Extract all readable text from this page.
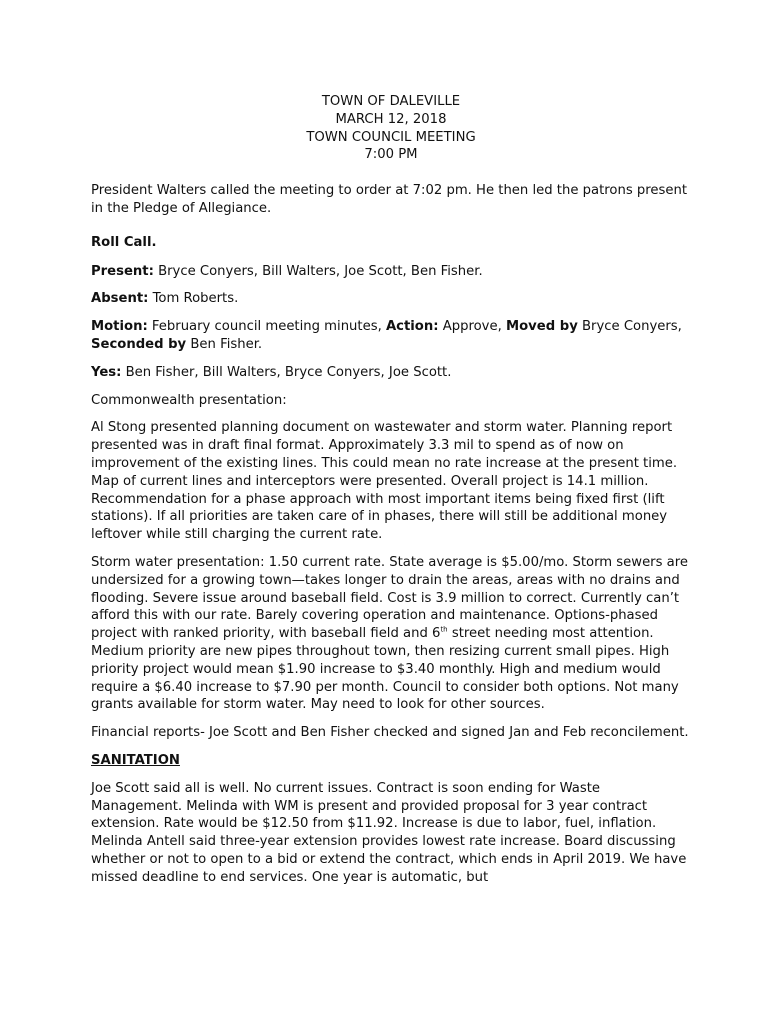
TOWN OF DALEVILLE
MARCH 12, 2018
TOWN COUNCIL MEETING
7:00 PM

President Walters called the meeting to order at 7:02 pm. He then led the patrons present in the Pledge of Allegiance.

Roll Call.

Present: Bryce Conyers, Bill Walters, Joe Scott, Ben Fisher.

Absent: Tom Roberts.

Motion: February council meeting minutes, Action: Approve, Moved by Bryce Conyers, Seconded by Ben Fisher.

Yes: Ben Fisher, Bill Walters, Bryce Conyers, Joe Scott.

Commonwealth presentation:

Al Stong presented planning document on wastewater and storm water. Planning report presented was in draft final format. Approximately 3.3 mil to spend as of now on improvement of the existing lines. This could mean no rate increase at the present time. Map of current lines and interceptors were presented. Overall project is 14.1 million. Recommendation for a phase approach with most important items being fixed first (lift stations). If all priorities are taken care of in phases, there will still be additional money leftover while still charging the current rate.

Storm water presentation: 1.50 current rate. State average is $5.00/mo. Storm sewers are undersized for a growing town—takes longer to drain the areas, areas with no drains and flooding. Severe issue around baseball field. Cost is 3.9 million to correct. Currently can’t afford this with our rate. Barely covering operation and maintenance. Options-phased project with ranked priority, with baseball field and 6th street needing most attention. Medium priority are new pipes throughout town, then resizing current small pipes. High priority project would mean $1.90 increase to $3.40 monthly. High and medium would require a $6.40 increase to $7.90 per month. Council to consider both options. Not many grants available for storm water. May need to look for other sources.

Financial reports- Joe Scott and Ben Fisher checked and signed Jan and Feb reconcilement.

SANITATION

Joe Scott said all is well. No current issues. Contract is soon ending for Waste Management. Melinda with WM is present and provided proposal for 3 year contract extension. Rate would be $12.50 from $11.92. Increase is due to labor, fuel, inflation. Melinda Antell said three-year extension provides lowest rate increase. Board discussing whether or not to open to a bid or extend the contract, which ends in April 2019. We have missed deadline to end services. One year is automatic, but
